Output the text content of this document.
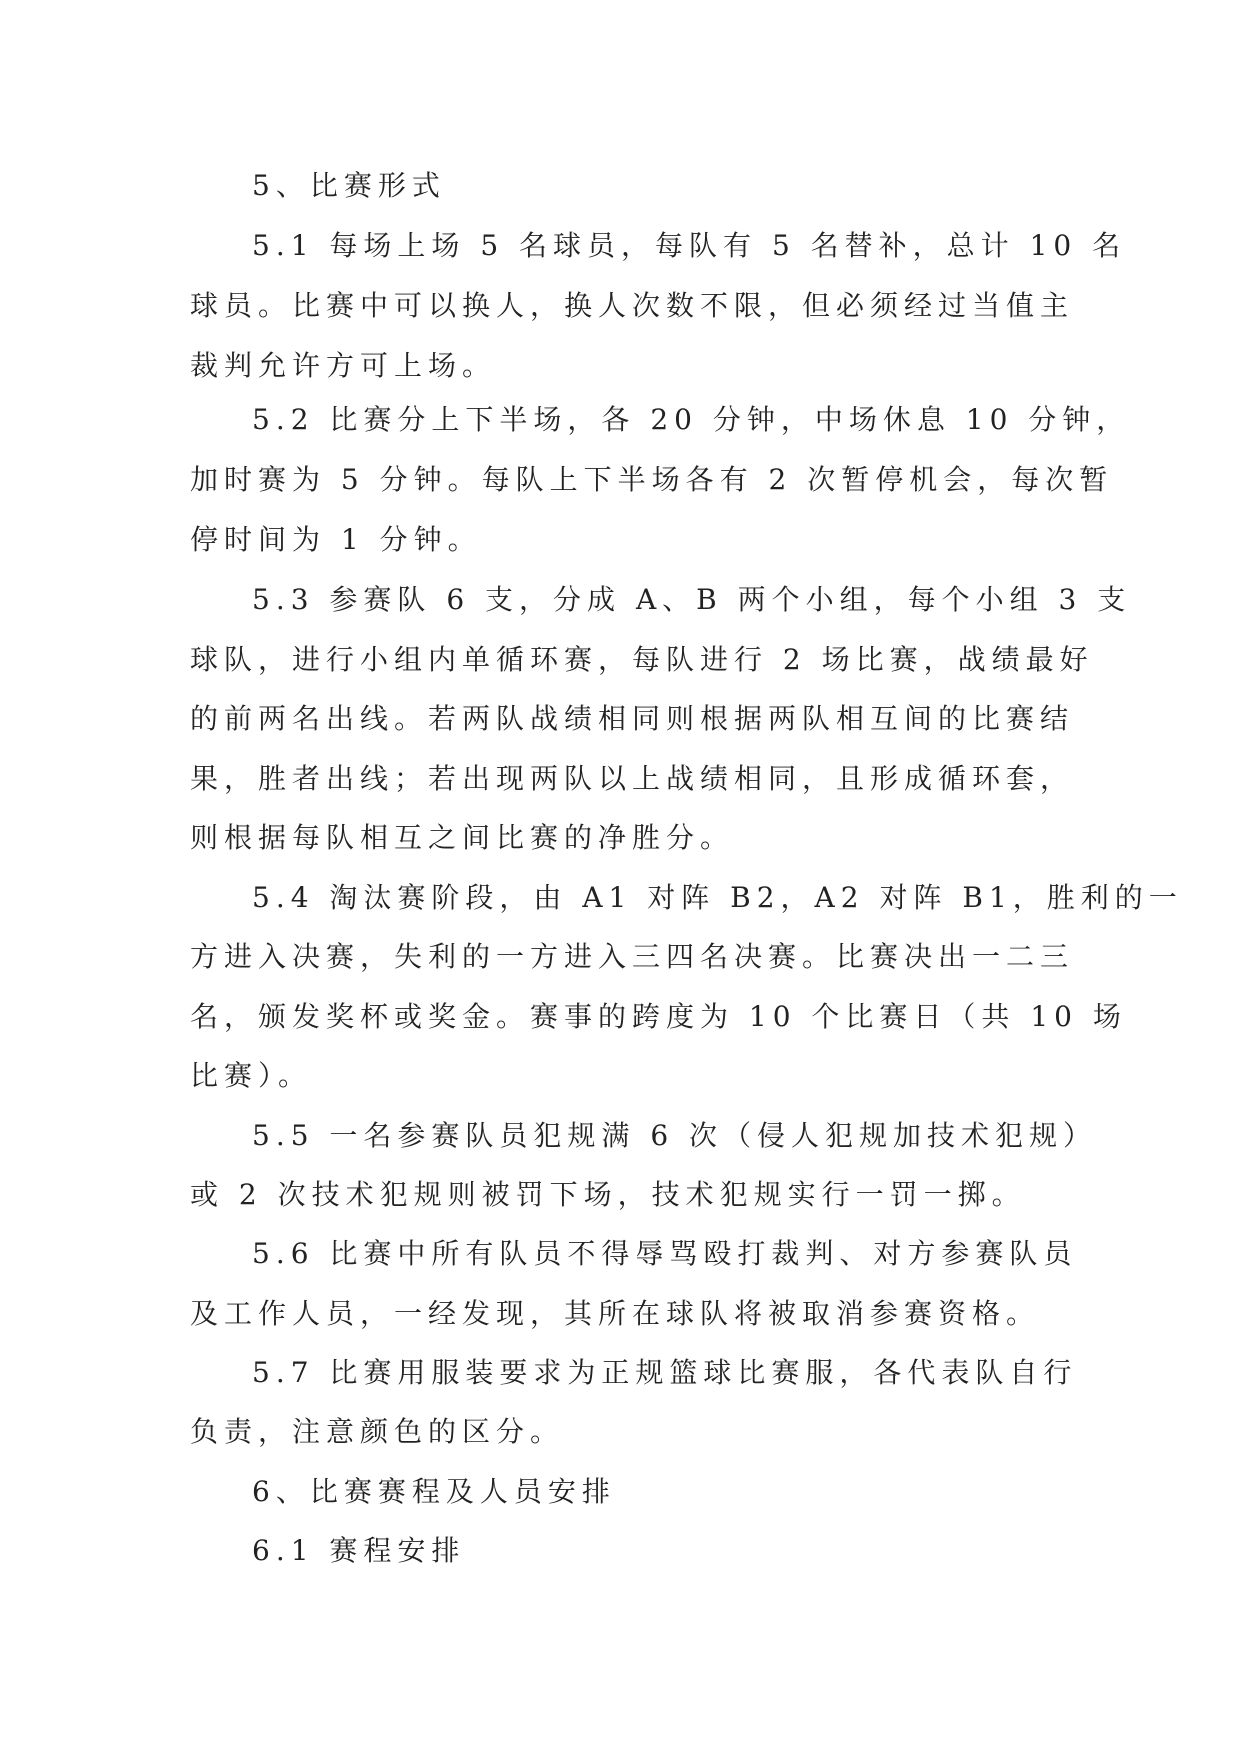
5、比赛形式
5.1 每场上场 5 名球员，每队有 5 名替补，总计 10 名
球员。比赛中可以换人，换人次数不限，但必须经过当值主
裁判允许方可上场。
5.2 比赛分上下半场，各 20 分钟，中场休息 10 分钟，
加时赛为 5 分钟。每队上下半场各有 2 次暂停机会，每次暂
停时间为 1 分钟。
5.3 参赛队 6 支，分成 A、B 两个小组，每个小组 3 支
球队，进行小组内单循环赛，每队进行 2 场比赛，战绩最好
的前两名出线。若两队战绩相同则根据两队相互间的比赛结
果，胜者出线；若出现两队以上战绩相同，且形成循环套，
则根据每队相互之间比赛的净胜分。
5.4 淘汰赛阶段，由 A1 对阵 B2，A2 对阵 B1，胜利的一
方进入决赛，失利的一方进入三四名决赛。比赛决出一二三
名，颁发奖杯或奖金。赛事的跨度为 10 个比赛日（共 10 场
比赛）。
5.5 一名参赛队员犯规满 6 次（侵人犯规加技术犯规）
或 2 次技术犯规则被罚下场，技术犯规实行一罚一掷。
5.6 比赛中所有队员不得辱骂殴打裁判、对方参赛队员
及工作人员，一经发现，其所在球队将被取消参赛资格。
5.7 比赛用服装要求为正规篮球比赛服，各代表队自行
负责，注意颜色的区分。
6、比赛赛程及人员安排
6.1 赛程安排
